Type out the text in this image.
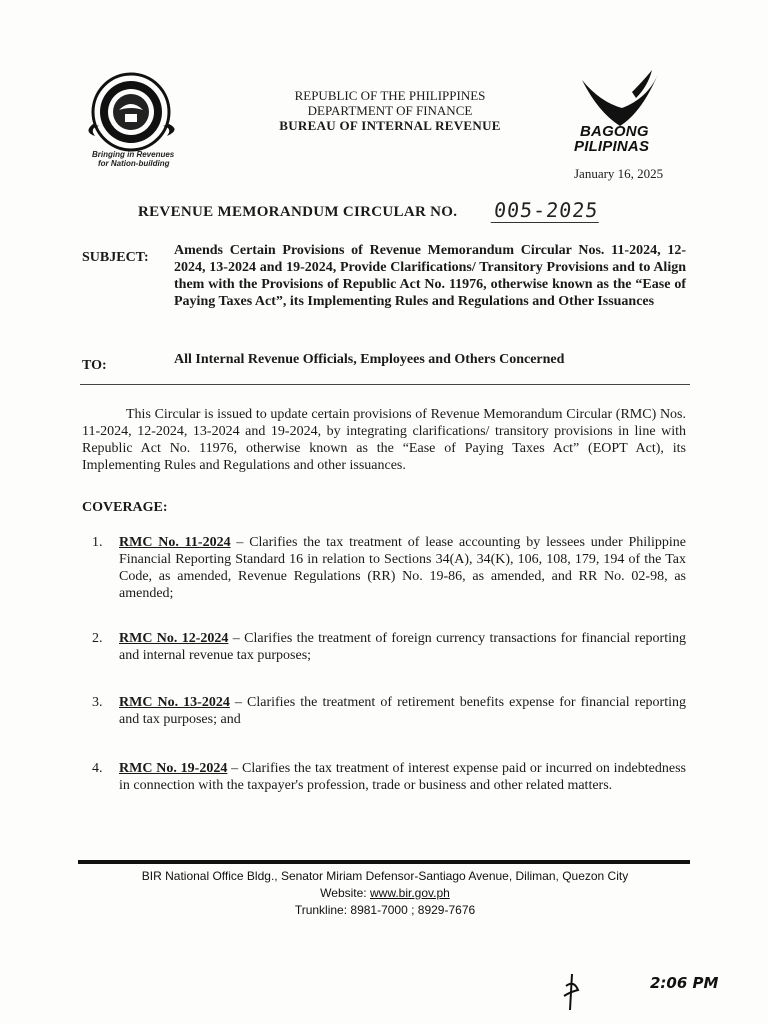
Bringing in Revenues
for Nation-building
REPUBLIC OF THE PHILIPPINES
DEPARTMENT OF FINANCE
BUREAU OF INTERNAL REVENUE	BAGONG
PILIPINAS
January 16, 2025
REVENUE MEMORANDUM CIRCULAR NO. 005-2025
SUBJECT: Amends Certain Provisions of Revenue Memorandum Circular Nos. 11-2024, 12-2024, 13-2024 and 19-2024, Provide Clarifications/ Transitory Provisions and to Align them with the Provisions of Republic Act No. 11976, otherwise known as the “Ease of Paying Taxes Act”, its Implementing Rules and Regulations and Other Issuances
TO:	All Internal Revenue Officials, Employees and Others Concerned
This Circular is issued to update certain provisions of Revenue Memorandum Circular (RMC) Nos. 11-2024, 12-2024, 13-2024 and 19-2024, by integrating clarifications/ transitory provisions in line with Republic Act No. 11976, otherwise known as the “Ease of Paying Taxes Act” (EOPT Act), its Implementing Rules and Regulations and other issuances.
COVERAGE:
1. RMC No. 11-2024 – Clarifies the tax treatment of lease accounting by lessees under Philippine Financial Reporting Standard 16 in relation to Sections 34(A), 34(K), 106, 108, 179, 194 of the Tax Code, as amended, Revenue Regulations (RR) No. 19-86, as amended, and RR No. 02-98, as amended;
2. RMC No. 12-2024 – Clarifies the treatment of foreign currency transactions for financial reporting and internal revenue tax purposes;
3. RMC No. 13-2024 – Clarifies the treatment of retirement benefits expense for financial reporting and tax purposes; and
4. RMC No. 19-2024 – Clarifies the tax treatment of interest expense paid or incurred on indebtedness in connection with the taxpayer's profession, trade or business and other related matters.
BIR National Office Bldg., Senator Miriam Defensor-Santiago Avenue, Diliman, Quezon City
Website: www.bir.gov.ph
Trunkline: 8981-7000 ; 8929-7676
2:06 PM
